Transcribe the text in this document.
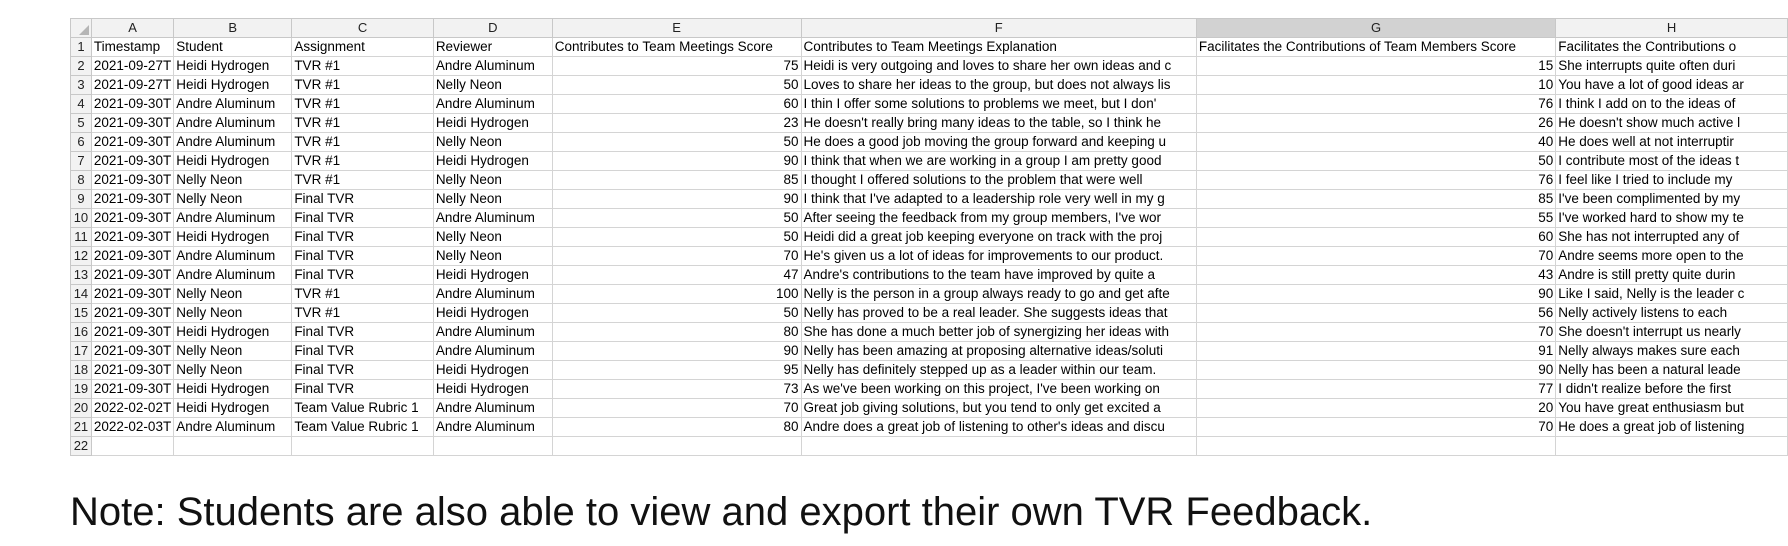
	A	B	C	D	E	F	G	H
1	Timestamp	Student	Assignment	Reviewer	Contributes to Team Meetings Score	Contributes to Team Meetings Explanation	Facilitates the Contributions of Team Members Score	Facilitates the Contributions o
2	2021-09-27T	Heidi Hydrogen	TVR #1	Andre Aluminum	75	Heidi is very outgoing and loves to share her own ideas and c	15	She interrupts quite often duri
3	2021-09-27T	Heidi Hydrogen	TVR #1	Nelly Neon	50	Loves to share her ideas to the group, but does not always lis	10	You have a lot of good ideas ar
4	2021-09-30T	Andre Aluminum	TVR #1	Andre Aluminum	60	I thin I offer some solutions to problems we meet, but I don'	76	I think I add on to the ideas of
5	2021-09-30T	Andre Aluminum	TVR #1	Heidi Hydrogen	23	He doesn't really bring many ideas to the table, so I think he	26	He doesn't show much active l
6	2021-09-30T	Andre Aluminum	TVR #1	Nelly Neon	50	He does a good job moving the group forward and keeping u	40	He does well at not interruptir
7	2021-09-30T	Heidi Hydrogen	TVR #1	Heidi Hydrogen	90	I think that when we are working in a group I am pretty good	50	I contribute most of the ideas t
8	2021-09-30T	Nelly Neon	TVR #1	Nelly Neon	85	I thought I offered solutions to the problem that were well	76	I feel like I tried to include my
9	2021-09-30T	Nelly Neon	Final TVR	Nelly Neon	90	I think that I've adapted to a leadership role very well in my g	85	I've been complimented by my
10	2021-09-30T	Andre Aluminum	Final TVR	Andre Aluminum	50	After seeing the feedback from my group members, I've wor	55	I've worked hard to show my te
11	2021-09-30T	Heidi Hydrogen	Final TVR	Nelly Neon	50	Heidi did a great job keeping everyone on track with the proj	60	She has not interrupted any of
12	2021-09-30T	Andre Aluminum	Final TVR	Nelly Neon	70	He's given us a lot of ideas for improvements to our product.	70	Andre seems more open to the
13	2021-09-30T	Andre Aluminum	Final TVR	Heidi Hydrogen	47	Andre's contributions to the team have improved by quite a	43	Andre is still pretty quite durin
14	2021-09-30T	Nelly Neon	TVR #1	Andre Aluminum	100	Nelly is the person in a group always ready to go and get afte	90	Like I said, Nelly is the leader c
15	2021-09-30T	Nelly Neon	TVR #1	Heidi Hydrogen	50	Nelly has proved to be a real leader. She suggests ideas that	56	Nelly actively listens to each
16	2021-09-30T	Heidi Hydrogen	Final TVR	Andre Aluminum	80	She has done a much better job of synergizing her ideas with	70	She doesn't interrupt us nearly
17	2021-09-30T	Nelly Neon	Final TVR	Andre Aluminum	90	Nelly has been amazing at proposing alternative ideas/soluti	91	Nelly always makes sure each
18	2021-09-30T	Nelly Neon	Final TVR	Heidi Hydrogen	95	Nelly has definitely stepped up as a leader within our team.	90	Nelly has been a natural leade
19	2021-09-30T	Heidi Hydrogen	Final TVR	Heidi Hydrogen	73	As we've been working on this project, I've been working on	77	I didn't realize before the first
20	2022-02-02T	Heidi Hydrogen	Team Value Rubric 1	Andre Aluminum	70	Great job giving solutions, but you tend to only get excited a	20	You have great enthusiasm but
21	2022-02-03T	Andre Aluminum	Team Value Rubric 1	Andre Aluminum	80	Andre does a great job of listening to other's ideas and discu	70	He does a great job of listening
22								
Note: Students are also able to view and export their own TVR Feedback.
